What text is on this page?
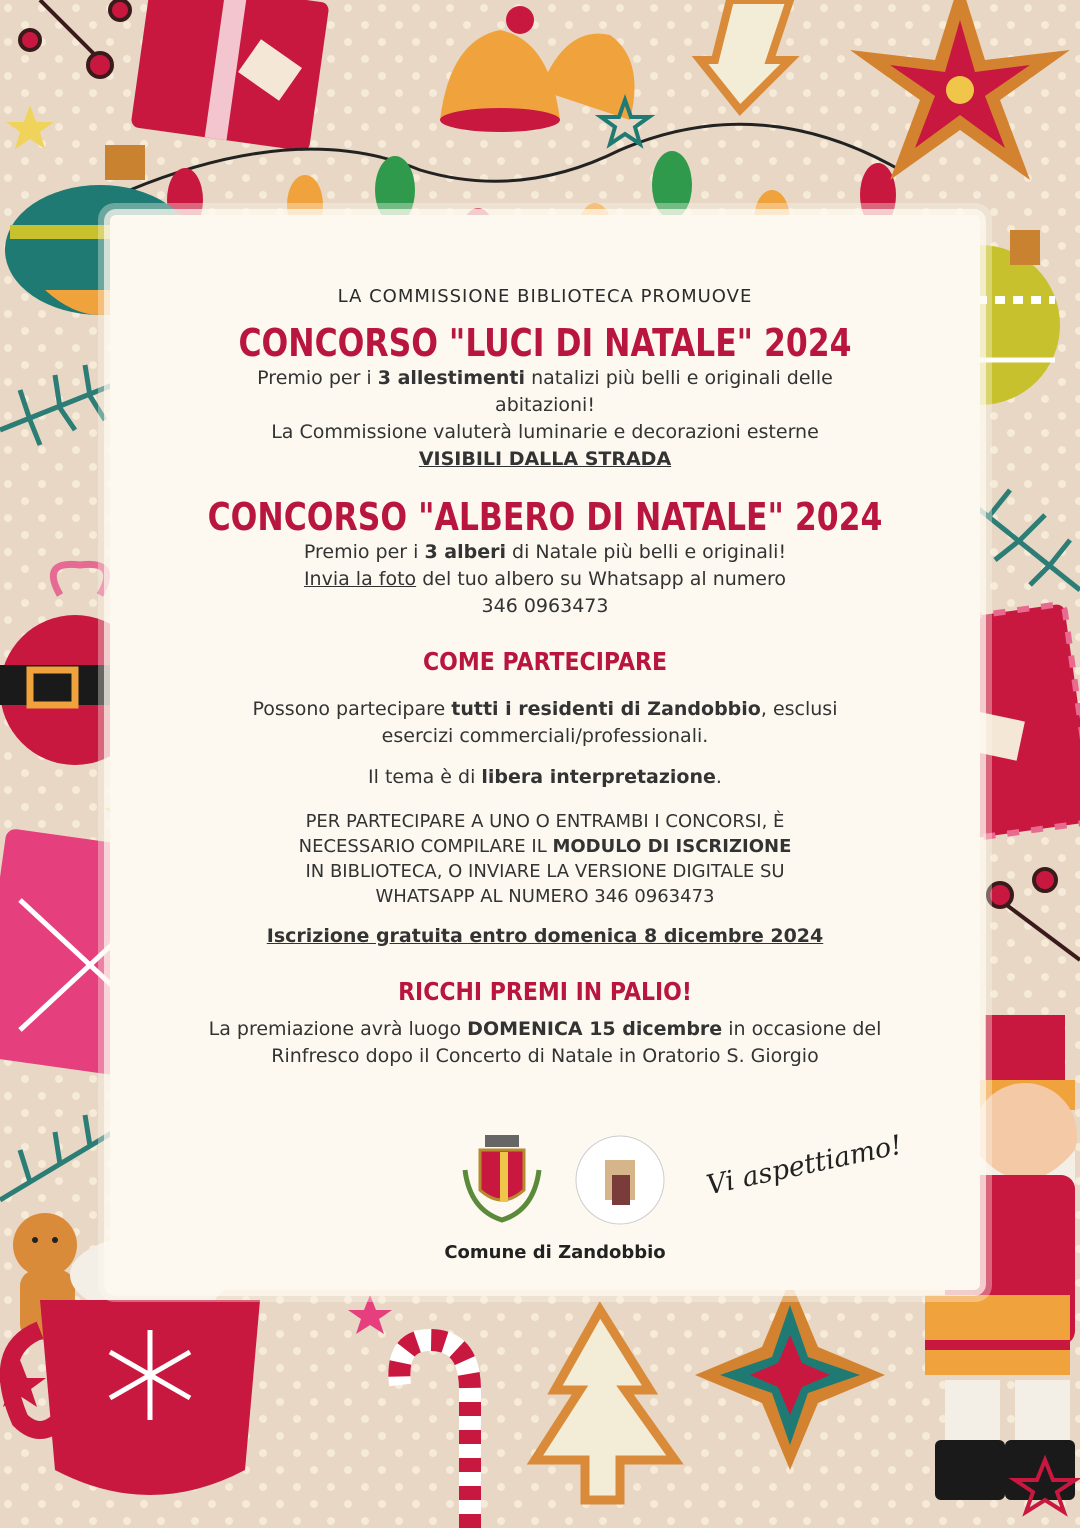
LA COMMISSIONE BIBLIOTECA PROMUOVE
CONCORSO "LUCI DI NATALE" 2024

Premio per i 3 allestimenti natalizi più belli e originali delle
abitazioni!
La Commissione valuterà luminarie e decorazioni esterne
VISIBILI DALLA STRADA

CONCORSO "ALBERO DI NATALE" 2024

Premio per i 3 alberi di Natale più belli e originali!
Invia la foto del tuo albero su Whatsapp al numero
346 0963473

COME PARTECIPARE

Possono partecipare tutti i residenti di Zandobbio, esclusi
esercizi commerciali/professionali.

Il tema è di libera interpretazione.

PER PARTECIPARE A UNO O ENTRAMBI I CONCORSI, È
NECESSARIO COMPILARE IL MODULO DI ISCRIZIONE
IN BIBLIOTECA, O INVIARE LA VERSIONE DIGITALE SU
WHATSAPP AL NUMERO 346 0963473

Iscrizione gratuita entro domenica 8 dicembre 2024

RICCHI PREMI IN PALIO!

La premiazione avrà luogo DOMENICA 15 dicembre in occasione del
Rinfresco dopo il Concerto di Natale in Oratorio S. Giorgio

Comune di Zandobbio
Vi aspettiamo!
